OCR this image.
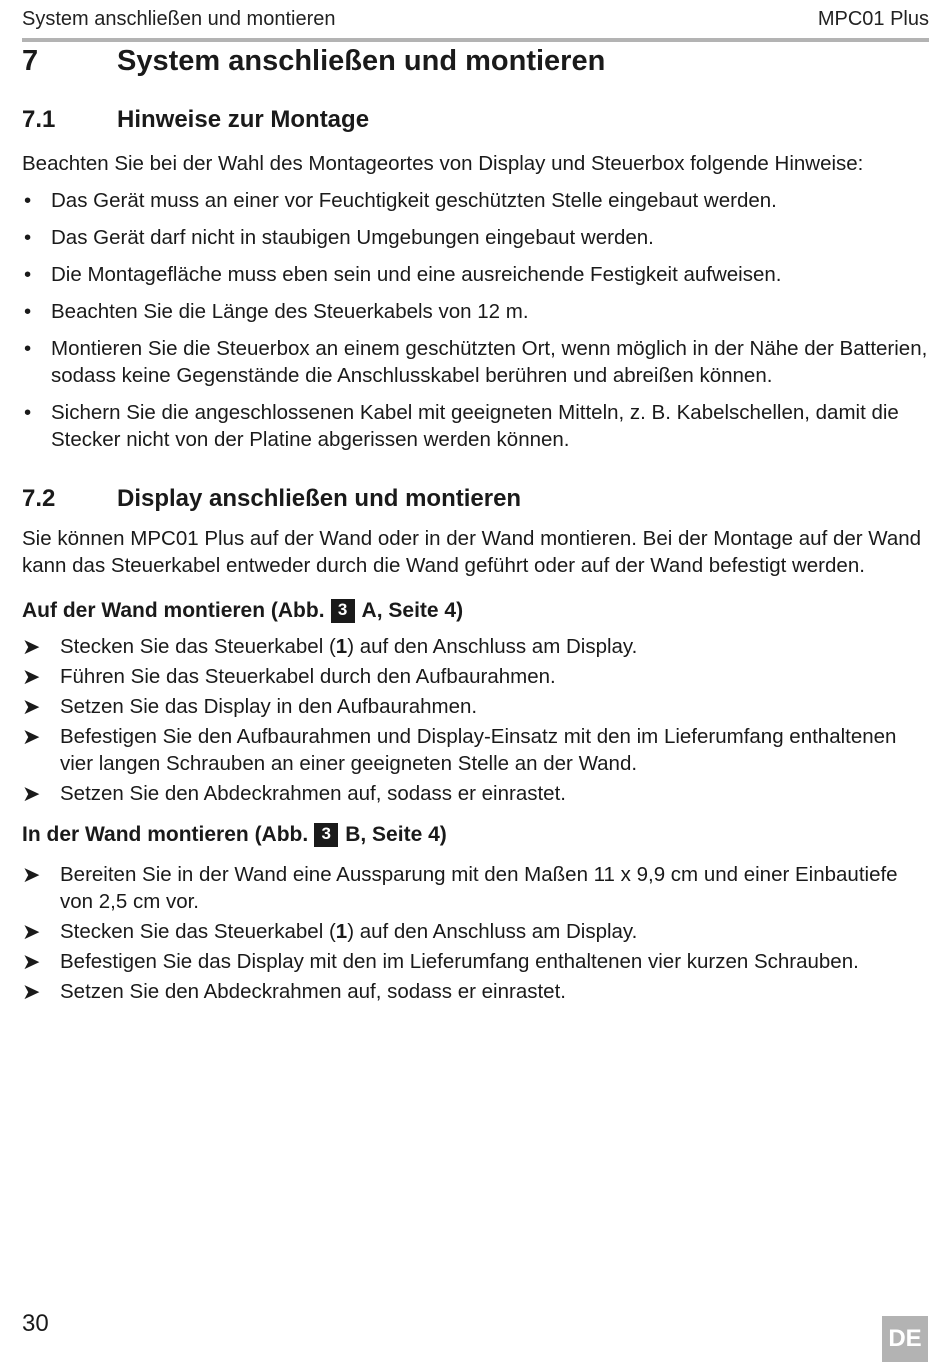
System anschließen und montieren	MPC01 Plus
7	System anschließen und montieren
7.1	Hinweise zur Montage

Beachten Sie bei der Wahl des Montageortes von Display und Steuerbox folgende Hinweise:

• Das Gerät muss an einer vor Feuchtigkeit geschützten Stelle eingebaut werden.
• Das Gerät darf nicht in staubigen Umgebungen eingebaut werden.
• Die Montagefläche muss eben sein und eine ausreichende Festigkeit aufweisen.
• Beachten Sie die Länge des Steuerkabels von 12 m.
• Montieren Sie die Steuerbox an einem geschützten Ort, wenn möglich in der Nähe der Batterien, sodass keine Gegenstände die Anschlusskabel berühren und abreißen können.
• Sichern Sie die angeschlossenen Kabel mit geeigneten Mitteln, z. B. Kabelschellen, damit die Stecker nicht von der Platine abgerissen werden können.
7.2	Display anschließen und montieren

Sie können MPC01 Plus auf der Wand oder in der Wand montieren. Bei der Montage auf der Wand kann das Steuerkabel entweder durch die Wand geführt oder auf der Wand befestigt werden.

Auf der Wand montieren (Abb. 3 A, Seite 4)
➤ Stecken Sie das Steuerkabel (1) auf den Anschluss am Display.
➤ Führen Sie das Steuerkabel durch den Aufbaurahmen.
➤ Setzen Sie das Display in den Aufbaurahmen.
➤ Befestigen Sie den Aufbaurahmen und Display-Einsatz mit den im Lieferumfang enthaltenen vier langen Schrauben an einer geeigneten Stelle an der Wand.
➤ Setzen Sie den Abdeckrahmen auf, sodass er einrastet.
In der Wand montieren (Abb. 3 B, Seite 4)
➤ Bereiten Sie in der Wand eine Aussparung mit den Maßen 11 x 9,9 cm und einer Einbautiefe von 2,5 cm vor.
➤ Stecken Sie das Steuerkabel (1) auf den Anschluss am Display.
➤ Befestigen Sie das Display mit den im Lieferumfang enthaltenen vier kurzen Schrauben.
➤ Setzen Sie den Abdeckrahmen auf, sodass er einrastet.
30
DE
